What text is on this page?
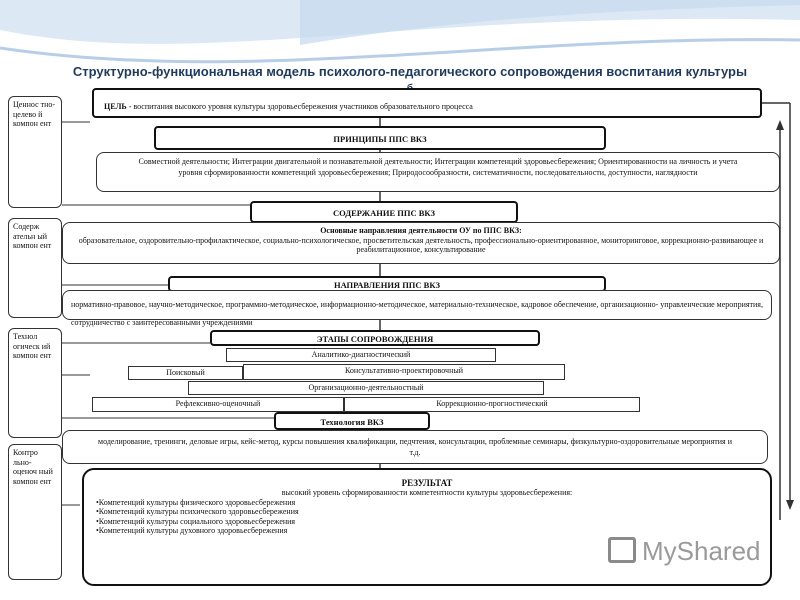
Структурно-функциональная модель психолого-педагогического сопровождения воспитания культуры

Ценнос тно- целево й компон ент
Содерж ательн ый компон ент
Технол огическ ий компон ент
Контро льно- оценоч ный компон ент
ЦЕЛЬ - воспитания высокого уровня культуры здоровьесбережения участников образовательного процесса
ПРИНЦИПЫ ППС ВКЗ
Совместной деятельности; Интеграции двигательной и познавательной деятельности; Интеграции компетенций здоровьесбережения; Ориентированности на личность и учета уровня сформированности компетенций здоровьесбережения; Природосообразности, систематичности, последовательности, доступности, наглядности
СОДЕРЖАНИЕ ППС ВКЗ
Основные направления деятельности ОУ по ППС ВКЗ:
образовательное, оздоровительно-профилактическое, социально-психологическое, просветительская деятельность, профессионально-ориентированное, мониторинговое, коррекционно-развивающее и реабилитационное, консультирование
НАПРАВЛЕНИЯ ППС ВКЗ
нормативно-правовое, научно-методическое, программно-методическое, информационно-методическое, материально-техническое, кадровое обеспечение, организационно- управленческие мероприятия, сотрудничество с заинтересованными учреждениями
ЭТАПЫ СОПРОВОЖДЕНИЯ
Аналитико-диагностический
Поисковый	Консультативно-проектировочный
Организационно-деятельностный
Рефлексивно-оценочный	Коррекционно-прогностический
Технология ВКЗ
моделирование, тренинги, деловые игры, кейс-метод, курсы повышения квалификации, педчтения, консультации, проблемные семинары, физкультурно-оздоровительные мероприятия и т.д.
РЕЗУЛЬТАТ
высокий уровень сформированности компетентности культуры здоровьесбережения:
•Компетенций культуры физического здоровьесбережения
•Компетенций культуры психического здоровьесбережения
•Компетенций культуры социального здоровьесбережения
•Компетенций культуры духовного здоровьесбережения
MyShared
